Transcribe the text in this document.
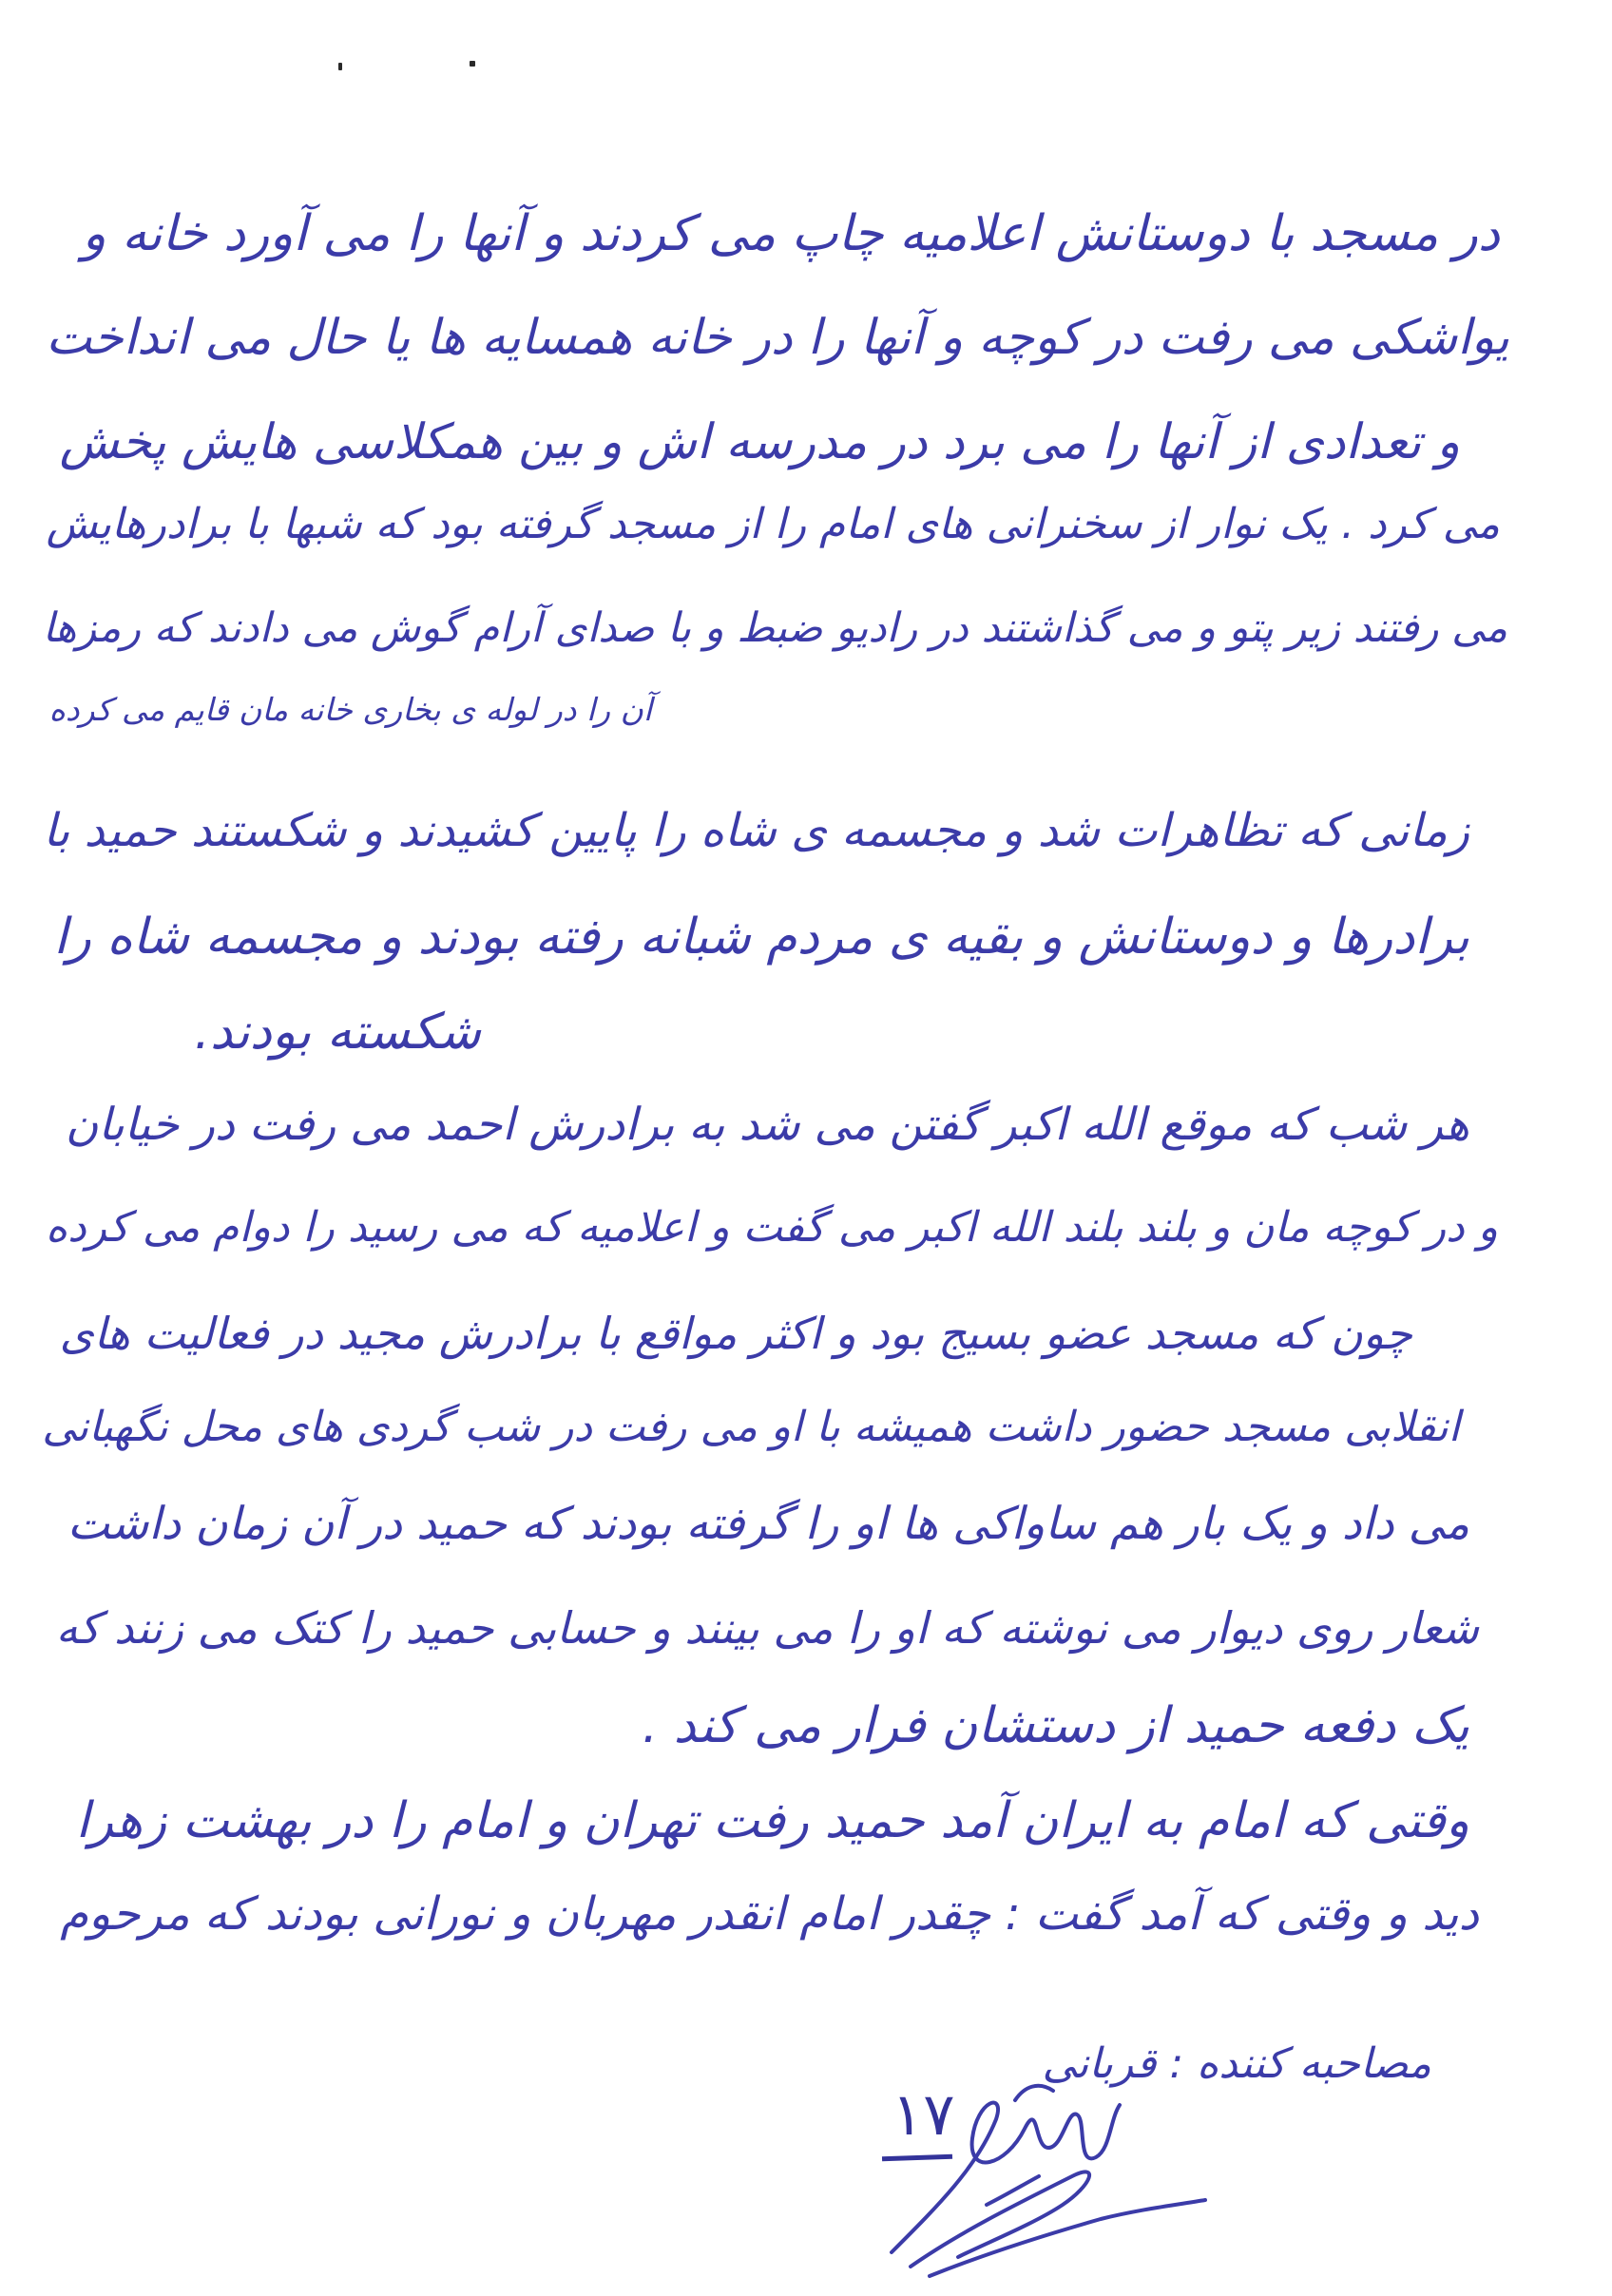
در مسجد با دوستانش اعلامیه چاپ می کردند و آنها را می آورد خانه و
یواشکی می رفت در کوچه و آنها را در خانه همسایه ها یا حال می انداخت
و تعدادی از آنها را می برد در مدرسه اش و بین همکلاسی هایش پخش
می کرد . یک نوار از سخنرانی های امام را از مسجد گرفته بود که شبها با برادرهایش
می رفتند زیر پتو و می گذاشتند در رادیو ضبط و با صدای آرام گوش می دادند که رمزها
آن را در لوله ی بخاری خانه مان قایم می کرده
زمانی که تظاهرات شد و مجسمه ی شاه را پایین کشیدند و شکستند حمید با
برادرها و دوستانش و بقیه ی مردم شبانه رفته بودند و مجسمه شاه را
شکسته بودند.
هر شب که موقع الله اکبر گفتن می شد به برادرش احمد می رفت در خیابان
و در کوچه مان و بلند بلند الله اکبر می گفت و اعلامیه که می رسید را دوام می کرده
چون که مسجد عضو بسیج بود و اکثر مواقع با برادرش مجید در فعالیت های
انقلابی مسجد حضور داشت همیشه با او می رفت در شب گردی های محل نگهبانی
می داد و یک بار هم ساواکی ها او را گرفته بودند که حمید در آن زمان داشت
شعار روی دیوار می نوشته که او را می بینند و حسابی حمید را کتک می زنند که
یک دفعه حمید از دستشان فرار می کند .
وقتی که امام به ایران آمد حمید رفت تهران و امام را در بهشت زهرا
دید و وقتی که آمد گفت : چقدر امام انقدر مهربان و نورانی بودند که مرحوم
مصاحبه کننده : قربانی
۱۷
